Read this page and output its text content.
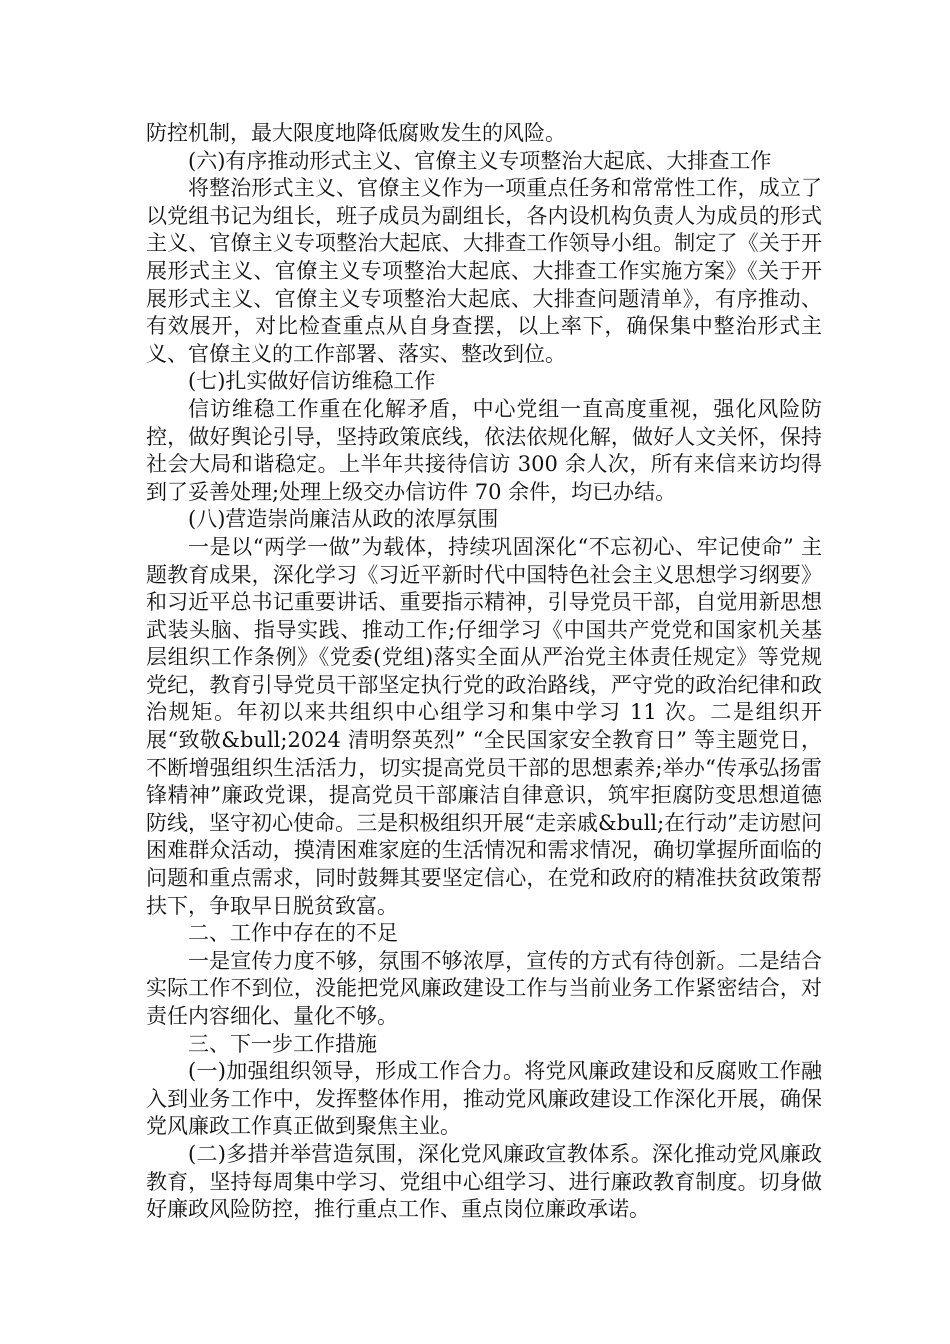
防控机制，最大限度地降低腐败发生的风险。

(六)有序推动形式主义、官僚主义专项整治大起底、大排查工作

将整治形式主义、官僚主义作为一项重点任务和常常性工作，成立了以党组书记为组长，班子成员为副组长，各内设机构负责人为成员的形式主义、官僚主义专项整治大起底、大排查工作领导小组。制定了《关于开展形式主义、官僚主义专项整治大起底、大排查工作实施方案》《关于开展形式主义、官僚主义专项整治大起底、大排查问题清单》，有序推动、有效展开，对比检查重点从自身查摆，以上率下，确保集中整治形式主义、官僚主义的工作部署、落实、整改到位。

(七)扎实做好信访维稳工作

信访维稳工作重在化解矛盾，中心党组一直高度重视，强化风险防控，做好舆论引导，坚持政策底线，依法依规化解，做好人文关怀，保持社会大局和谐稳定。上半年共接待信访 300 余人次，所有来信来访均得到了妥善处理;处理上级交办信访件 70 余件，均已办结。

(八)营造崇尚廉洁从政的浓厚氛围

一是以“两学一做”为载体，持续巩固深化“不忘初心、牢记使命” 主题教育成果，深化学习《习近平新时代中国特色社会主义思想学习纲要》和习近平总书记重要讲话、重要指示精神，引导党员干部，自觉用新思想武装头脑、指导实践、推动工作;仔细学习《中国共产党党和国家机关基层组织工作条例》《党委(党组)落实全面从严治党主体责任规定》等党规党纪，教育引导党员干部坚定执行党的政治路线，严守党的政治纪律和政治规矩。年初以来共组织中心组学习和集中学习 11 次。二是组织开展“致敬&bull;2024 清明祭英烈” “全民国家安全教育日” 等主题党日，不断增强组织生活活力，切实提高党员干部的思想素养;举办“传承弘扬雷锋精神”廉政党课，提高党员干部廉洁自律意识，筑牢拒腐防变思想道德防线，坚守初心使命。三是积极组织开展“走亲戚&bull;在行动”走访慰问困难群众活动，摸清困难家庭的生活情况和需求情况，确切掌握所面临的问题和重点需求，同时鼓舞其要坚定信心，在党和政府的精准扶贫政策帮扶下，争取早日脱贫致富。

二、工作中存在的不足

一是宣传力度不够，氛围不够浓厚，宣传的方式有待创新。二是结合实际工作不到位，没能把党风廉政建设工作与当前业务工作紧密结合，对责任内容细化、量化不够。

三、下一步工作措施

(一)加强组织领导，形成工作合力。将党风廉政建设和反腐败工作融入到业务工作中，发挥整体作用，推动党风廉政建设工作深化开展，确保党风廉政工作真正做到聚焦主业。

(二)多措并举营造氛围，深化党风廉政宣教体系。深化推动党风廉政教育，坚持每周集中学习、党组中心组学习、进行廉政教育制度。切身做好廉政风险防控，推行重点工作、重点岗位廉政承诺。
